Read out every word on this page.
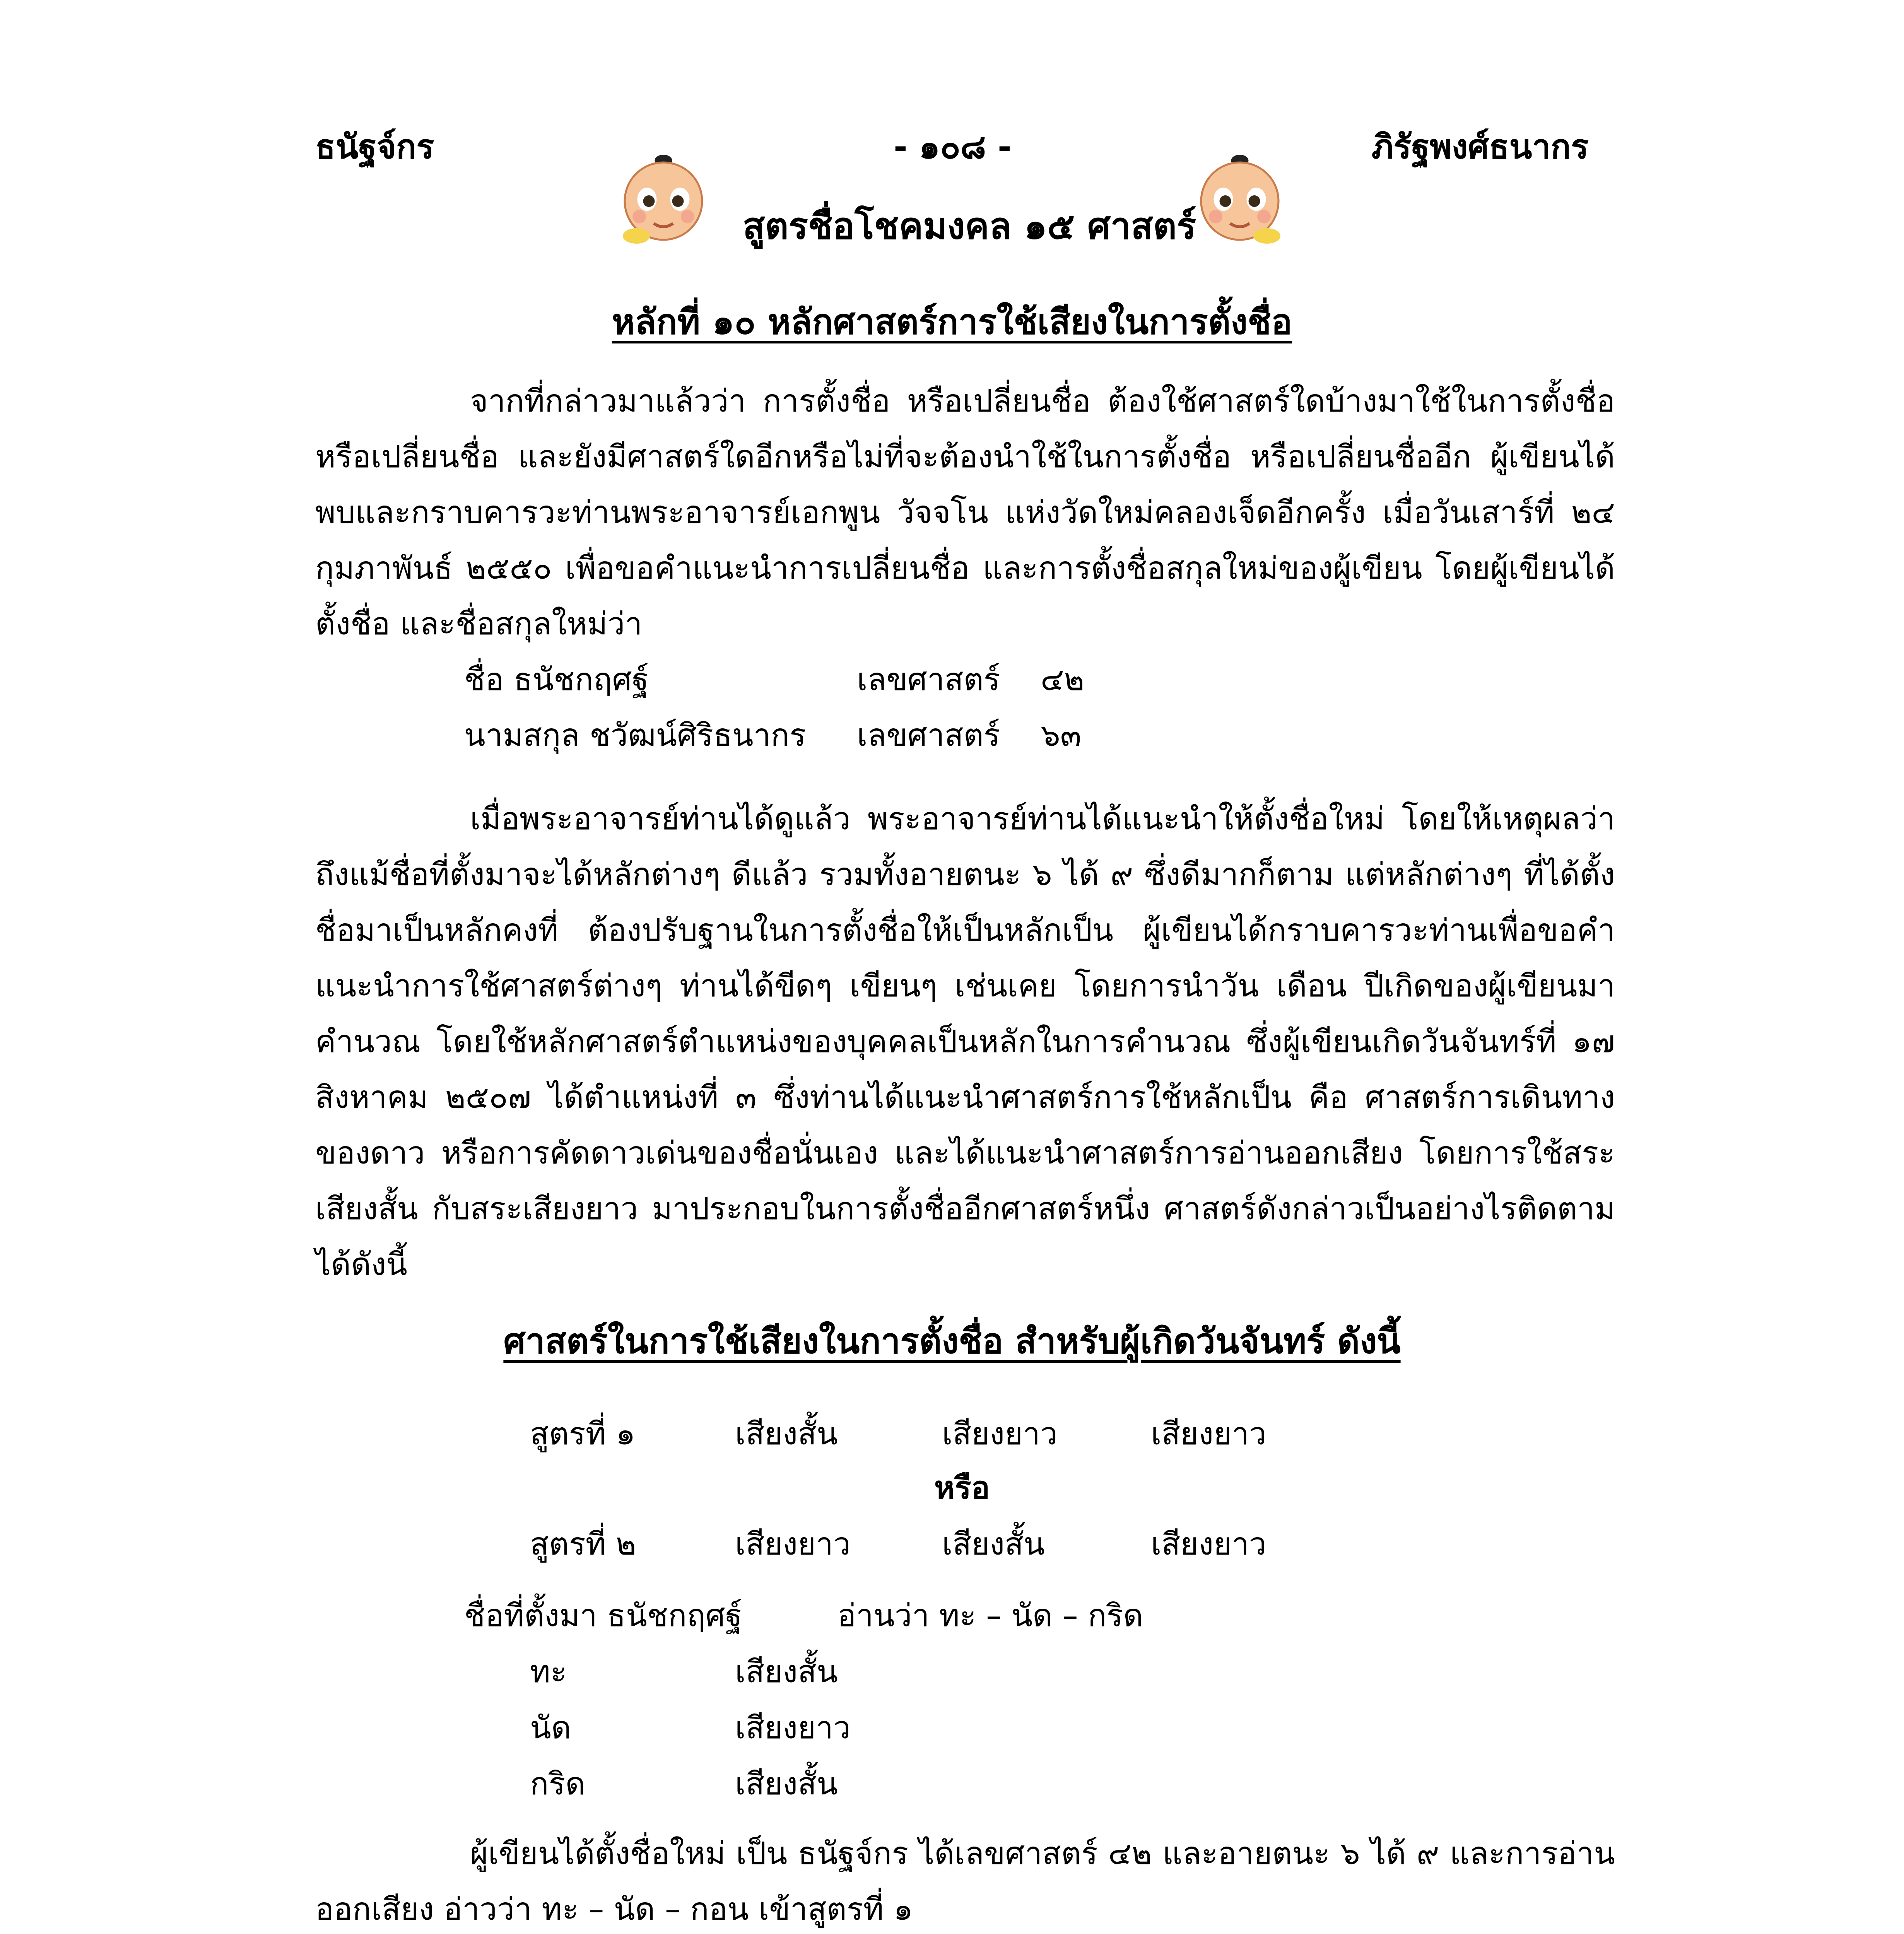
ธนัฐจ์กร	- ๑๐๘ -	ภิรัฐพงศ์ธนากร
สูตรชื่อโชคมงคล ๑๕ ศาสตร์
หลักที่ ๑๐ หลักศาสตร์การใช้เสียงในการตั้งชื่อ
จากที่กล่าวมาแล้วว่า การตั้งชื่อ หรือเปลี่ยนชื่อ ต้องใช้ศาสตร์ใดบ้างมาใช้ในการตั้งชื่อ หรือเปลี่ยนชื่อ และยังมีศาสตร์ใดอีกหรือไม่ที่จะต้องนำใช้ในการตั้งชื่อ หรือเปลี่ยนชื่ออีก ผู้เขียนได้พบและกราบคารวะท่านพระอาจารย์เอกพูน วัจจโน แห่งวัดใหม่คลองเจ็ดอีกครั้ง เมื่อวันเสาร์ที่ ๒๔ กุมภาพันธ์ ๒๕๕๐ เพื่อขอคำแนะนำการเปลี่ยนชื่อ และการตั้งชื่อสกุลใหม่ของผู้เขียน โดยผู้เขียนได้ตั้งชื่อ และชื่อสกุลใหม่ว่า
ชื่อ ธนัชกฤศฐ์	เลขศาสตร์ ๔๒
นามสกุล ชวัฒน์ศิริธนากร เลขศาสตร์ ๖๓
เมื่อพระอาจารย์ท่านได้ดูแล้ว พระอาจารย์ท่านได้แนะนำให้ตั้งชื่อใหม่ โดยให้เหตุผลว่า ถึงแม้ชื่อที่ตั้งมาจะได้หลักต่างๆ ดีแล้ว รวมทั้งอายตนะ ๖ ได้ ๙ ซึ่งดีมากก็ตาม แต่หลักต่างๆ ที่ได้ตั้งชื่อมาเป็นหลักคงที่ ต้องปรับฐานในการตั้งชื่อให้เป็นหลักเป็น ผู้เขียนได้กราบคารวะท่านเพื่อขอคำแนะนำการใช้ศาสตร์ต่างๆ ท่านได้ขีดๆ เขียนๆ เช่นเคย โดยการนำวัน เดือน ปีเกิดของผู้เขียนมาคำนวณ โดยใช้หลักศาสตร์ตำแหน่งของบุคคลเป็นหลักในการคำนวณ ซึ่งผู้เขียนเกิดวันจันทร์ที่ ๑๗ สิงหาคม ๒๕๐๗ ได้ตำแหน่งที่ ๓ ซึ่งท่านได้แนะนำศาสตร์การใช้หลักเป็น คือ ศาสตร์การเดินทางของดาว หรือการคัดดาวเด่นของชื่อนั่นเอง และได้แนะนำศาสตร์การอ่านออกเสียง โดยการใช้สระเสียงสั้น กับสระเสียงยาว มาประกอบในการตั้งชื่ออีกศาสตร์หนึ่ง ศาสตร์ดังกล่าวเป็นอย่างไรติดตามได้ดังนี้
ศาสตร์ในการใช้เสียงในการตั้งชื่อ สำหรับผู้เกิดวันจันทร์ ดังนี้
สูตรที่ ๑	เสียงสั้น	เสียงยาว	เสียงยาว
หรือ
สูตรที่ ๒	เสียงยาว	เสียงสั้น	เสียงยาว
ชื่อที่ตั้งมา ธนัชกฤศฐ์	อ่านว่า ทะ – นัด – กริด
ทะ	เสียงสั้น
นัด	เสียงยาว
กริด	เสียงสั้น
ผู้เขียนได้ตั้งชื่อใหม่ เป็น ธนัฐจ์กร ได้เลขศาสตร์ ๔๒ และอายตนะ ๖ ได้ ๙ และการอ่านออกเสียง อ่าวว่า ทะ – นัด – กอน เข้าสูตรที่ ๑
